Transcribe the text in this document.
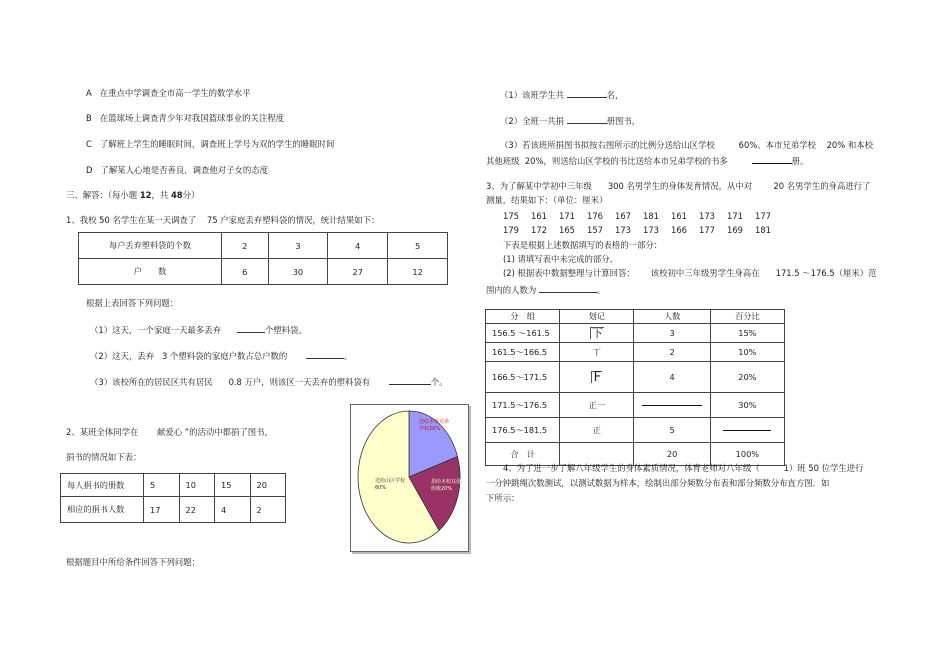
A 在重点中学调查全市高一学生的数学水平
B 在篮球场上调查青少年对我国篮球事业的关注程度
C 了解班上学生的睡眠时间，调查班上学号为双的学生的睡眠时间
D 了解某人心地是否善良，调查他对子女的态度
三、解答：（每小题 12，共 48分）
1、我校 50 名学生在某一天调查了 75 户家庭丢弃塑料袋的情况，统计结果如下：
每户丢弃塑料袋的个数	2	3	4	5
户　　数	6	30	27	12
根据上表回答下列问题：
（1）这天，一个家庭一天最多丢弃	个塑料袋。
（2）这天，丢弃 3 个塑料袋的家庭户数占总户数的	。
（3）该校所在的居民区共有居民 0.8 万户，则该区一天丢弃的塑料袋有	个。
2、某班全体同学在 献爱心 ”的活动中都捐了图书，
捐书的情况如下表：
每人捐书的册数	5	10	15	20
相应的捐书人数	17	22	4	2
根据题目中所给条件回答下列问题：
送给本市兄弟学校20%
捐给本校其他班级20%
送给山区学校60%
（1）该班学生共	名，
（2）全班一共捐	册图书，
（3）若该班所捐图书拟按右图所示的比例分送给山区学校	60%、本市兄弟学校 20% 和本校
其他班级 20%，则送给山区学校的书比送给本市兄弟学校的书多	册。
3、为了解某中学初中三年级 300 名男学生的身体发育情况，从中对	20 名男学生的身高进行了
测量，结果如下：（单位：厘米）
175 161 171 176 167 181 161 173 171 177
179 172 165 157 173 173 166 177 169 181
下表是根据上述数据填写的表格的一部分：
(1) 请填写表中未完成的部分。
(2) 根据表中数据整理与计算回答： 该校初中三年级男学生身高在 171.5 ～176.5（厘米）范
围内的人数为	。
分　组	划记	人数	百分比
156.5 ～161.5	下	3	15%
161.5～166.5	丅	2	10%
166.5～171.5	F	4	20%
171.5～176.5	正一		30%
176.5～181.5	正	5	
合　计		20	100%
4、为了进一步了解八年级学生的身体素质情况，体育老师对八年级（	1）班 50 位学生进行
一分钟跳绳次数测试，以测试数据为样本，绘制出部分频数分布表和部分频数分布直方图．如
下所示：
